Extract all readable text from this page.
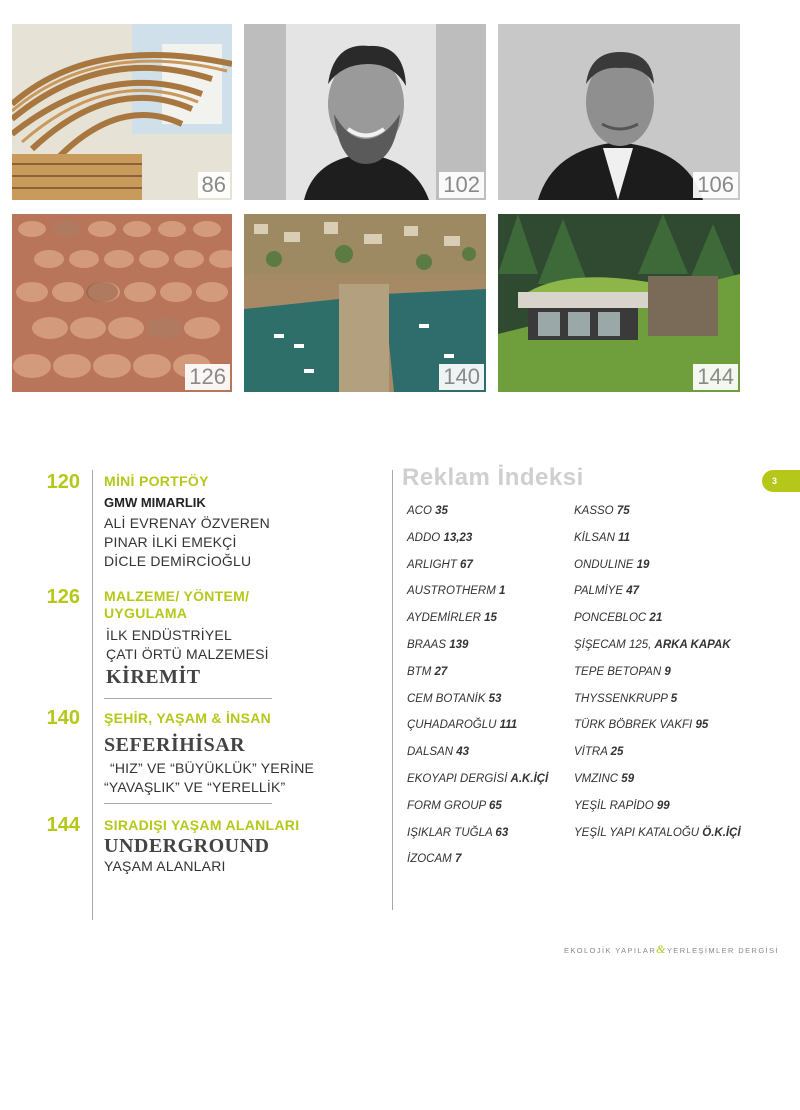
86	102	106
126	140	144
120 MİNİ PORTFÖY
GMW MIMARLIK
ALİ EVRENAY ÖZVEREN
PINAR İLKİ EMEKÇİ
DİCLE DEMİRCİOĞLU
126 MALZEME/ YÖNTEM/
UYGULAMA
İLK ENDÜSTRİYEL
ÇATI ÖRTÜ MALZEMESİ
KİREMİT
140 ŞEHİR, YAŞAM & İNSAN
SEFERİHİSAR
“HIZ” VE “BÜYÜKLÜK” YERİNE
“YAVAŞLIK” VE “YERELLİK”
144 SIRADIŞI YAŞAM ALANLARI
UNDERGROUND
YAŞAM ALANLARI
Reklam İndeksi
ACO 35
ADDO 13,23
ARLIGHT 67
AUSTROTHERM 1
AYDEMİRLER 15
BRAAS 139
BTM 27
CEM BOTANİK 53
ÇUHADAROĞLU 111
DALSAN 43
EKOYAPI DERGİSİ A.K.İÇİ
FORM GROUP 65
IŞIKLAR TUĞLA 63
İZOCAM 7
KASSO 75
KİLSAN 11
ONDULINE 19
PALMİYE 47
PONCEBLOC 21
ŞİŞECAM 125, ARKA KAPAK
TEPE BETOPAN 9
THYSSENKRUPP 5
TÜRK BÖBREK VAKFI 95
VİTRA 25
VMZINC 59
YEŞİL RAPİDO 99
YEŞİL YAPI KATALOĞU Ö.K.İÇİ
3
EKOLOJİK YAPILAR&YERLEŞİMLER DERGİSİ
